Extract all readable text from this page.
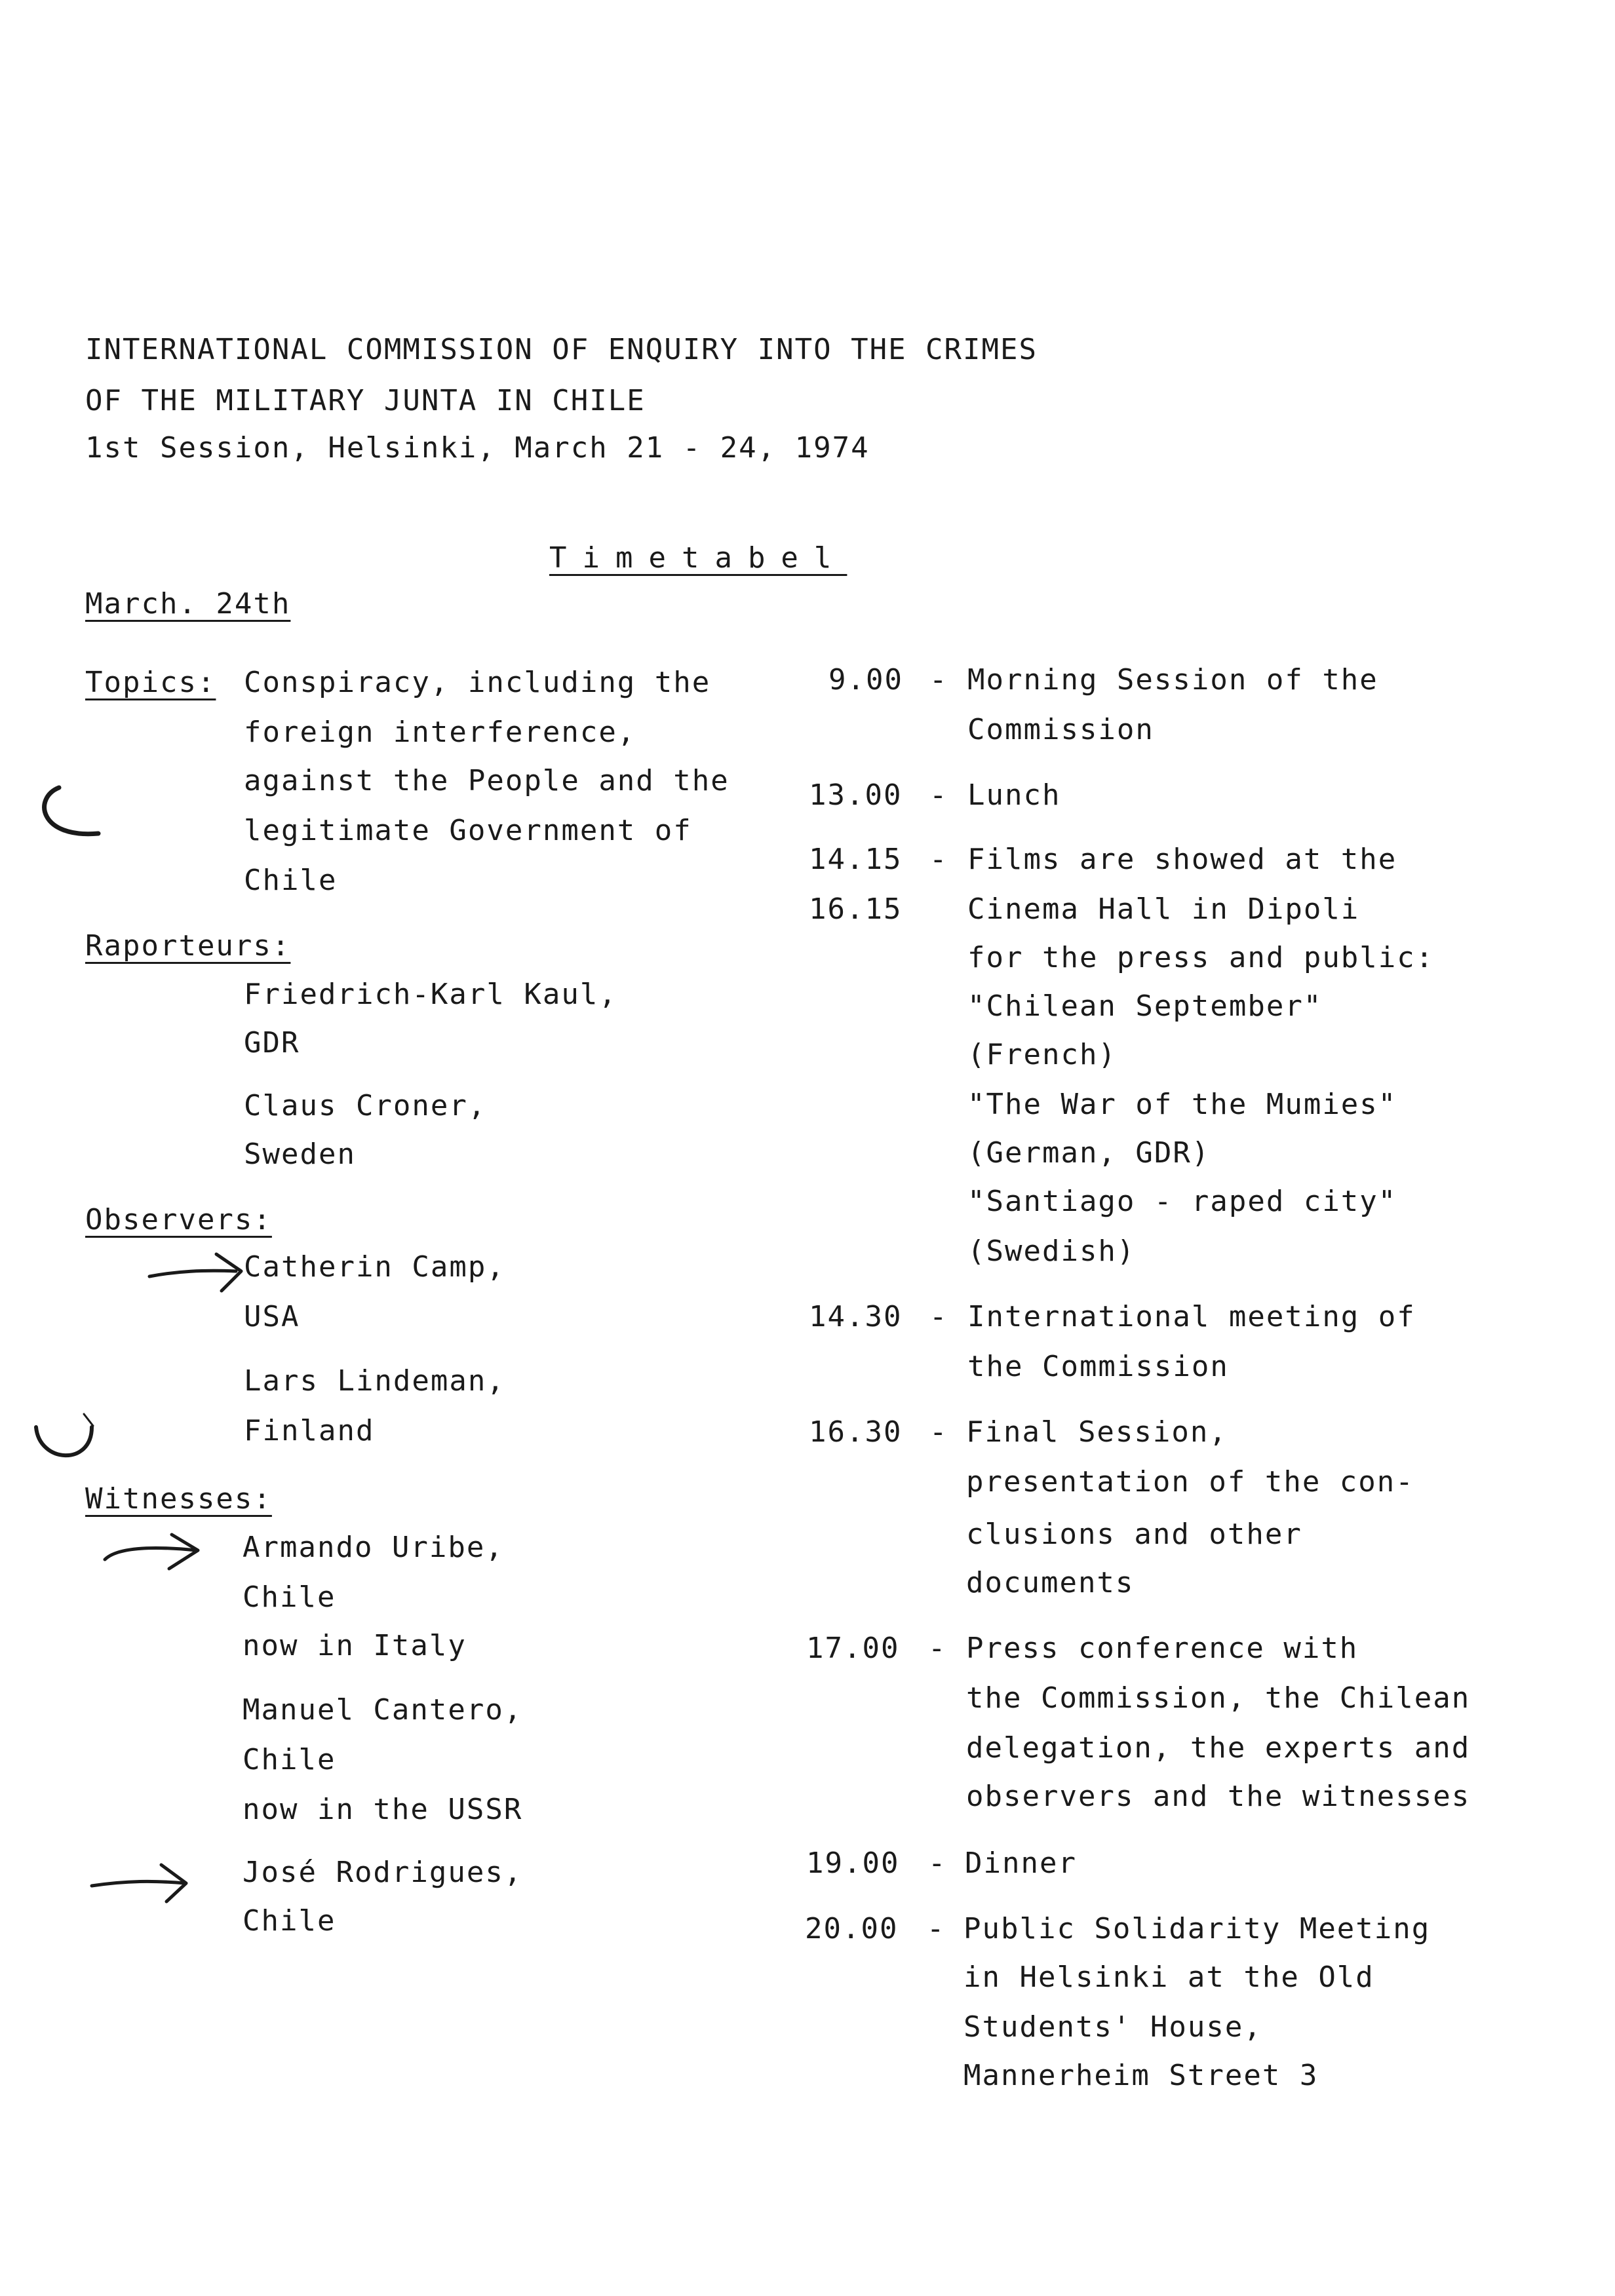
INTERNATIONAL COMMISSION OF ENQUIRY INTO THE CRIMES
OF THE MILITARY JUNTA IN CHILE
1st Session, Helsinki, March 21 - 24, 1974
Timetabel
March. 24th
Topics: Conspiracy, including the
foreign interference,
against the People and the
legitimate Government of
Chile
Raporteurs:
Friedrich-Karl Kaul,
GDR
Claus Croner,
Sweden
Observers:
Catherin Camp,
USA
Lars Lindeman,
Finland
Witnesses:
Armando Uribe,
Chile
now in Italy
Manuel Cantero,
Chile
now in the USSR
José Rodrigues,
Chile
9.00 - Morning Session of the
Commission
13.00 - Lunch
14.15
16.15
- Films are showed at the
Cinema Hall in Dipoli
for the press and public:
"Chilean September"
(French)
"The War of the Mumies"
(German, GDR)
"Santiago - raped city"
(Swedish)
14.30 - International meeting of
the Commission
16.30 - Final Session,
presentation of the con-
clusions and other
documents
17.00 - Press conference with
the Commission, the Chilean
delegation, the experts and
observers and the witnesses
19.00 - Dinner
20.00 - Public Solidarity Meeting
in Helsinki at the Old
Students' House,
Mannerheim Street 3
